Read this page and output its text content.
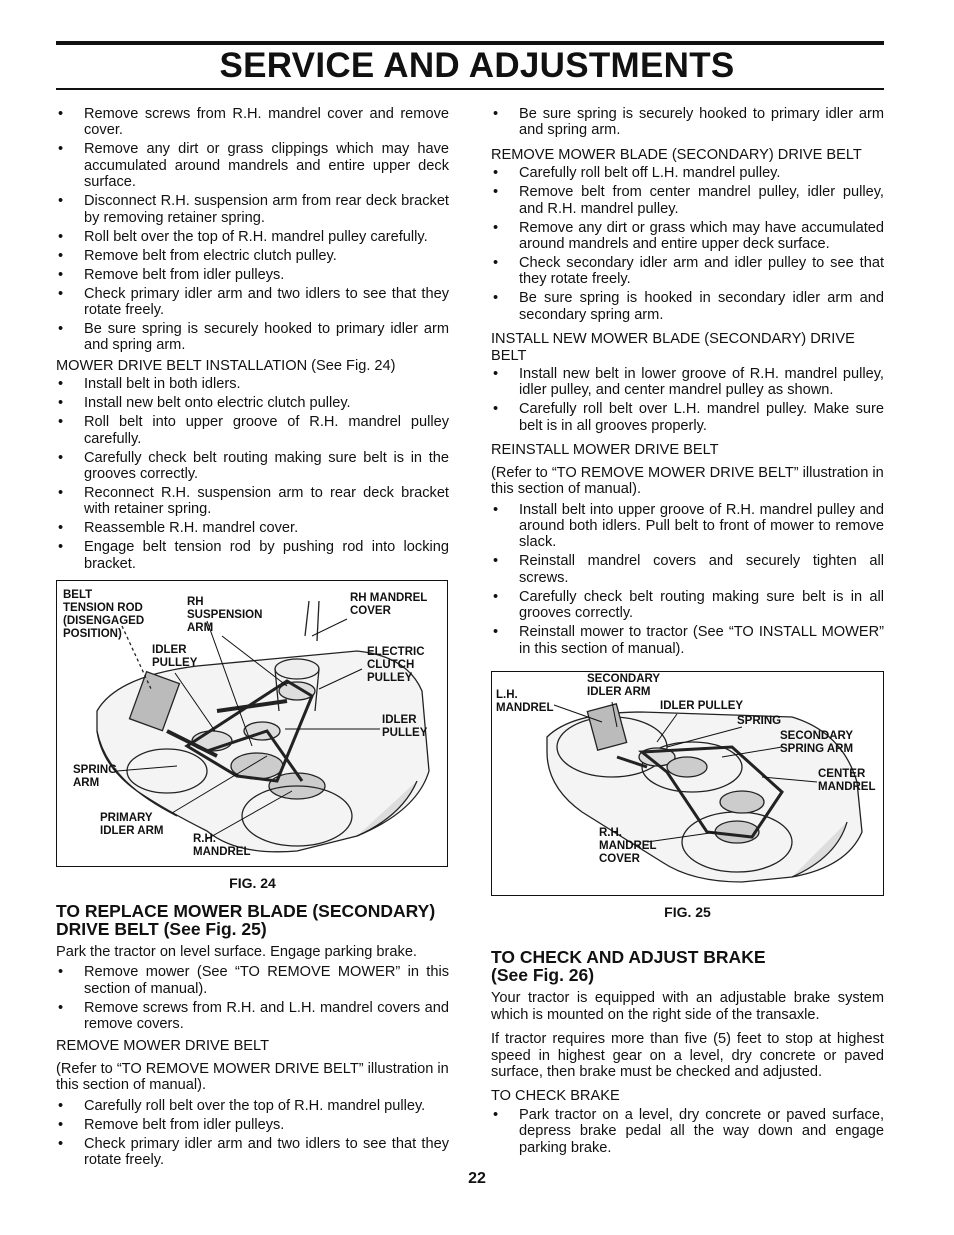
SERVICE AND ADJUSTMENTS
• Remove screws from R.H. mandrel cover and remove cover.
• Remove any dirt or grass clippings which may have accumulated around mandrels and entire upper deck surface.
• Disconnect R.H. suspension arm from rear deck bracket by removing retainer spring.
• Roll belt over the top of R.H. mandrel pulley carefully.
• Remove belt from electric clutch pulley.
• Remove belt from idler pulleys.
• Check primary idler arm and two idlers to see that they rotate freely.
• Be sure spring is securely hooked to primary idler arm and spring arm.
MOWER DRIVE BELT INSTALLATION (See Fig. 24)
• Install belt in both idlers.
• Install new belt onto electric clutch pulley.
• Roll belt into upper groove of R.H. mandrel pulley carefully.
• Carefully check belt routing making sure belt is in the grooves correctly.
• Reconnect R.H. suspension arm to rear deck bracket with retainer spring.
• Reassemble R.H. mandrel cover.
• Engage belt tension rod by pushing rod into locking bracket.
BELT
TENSION ROD
(DISENGAGED
POSITION)
RH
SUSPENSION
ARM
RH MANDREL
COVER
IDLER
PULLEY
ELECTRIC
CLUTCH
PULLEY
IDLER
PULLEY
SPRING
ARM
PRIMARY
IDLER ARM
R.H.
MANDREL
FIG. 24
TO REPLACE MOWER BLADE (SECONDARY) DRIVE BELT (See Fig. 25)

Park the tractor on level surface. Engage parking brake.

• Remove mower (See “TO REMOVE MOWER” in this section of manual).
• Remove screws from R.H. and L.H. mandrel covers and remove covers.
REMOVE MOWER DRIVE BELT

(Refer to “TO REMOVE MOWER DRIVE BELT” illustration in this section of manual).

• Carefully roll belt over the top of R.H. mandrel pulley.
• Remove belt from idler pulleys.
• Check primary idler arm and two idlers to see that they rotate freely.
• Be sure spring is securely hooked to primary idler arm and spring arm.
REMOVE MOWER BLADE (SECONDARY) DRIVE BELT
• Carefully roll belt off L.H. mandrel pulley.
• Remove belt from center mandrel pulley, idler pulley, and R.H. mandrel pulley.
• Remove any dirt or grass which may have accumulated around mandrels and entire upper deck surface.
• Check secondary idler arm and idler pulley to see that they rotate freely.
• Be sure spring is hooked in secondary idler arm and secondary spring arm.
INSTALL NEW MOWER BLADE (SECONDARY) DRIVE BELT
• Install new belt in lower groove of R.H. mandrel pulley, idler pulley, and center mandrel pulley as shown.
• Carefully roll belt over L.H. mandrel pulley. Make sure belt is in all grooves properly.
REINSTALL MOWER DRIVE BELT

(Refer to “TO REMOVE MOWER DRIVE BELT” illustration in this section of manual).

• Install belt into upper groove of R.H. mandrel pulley and around both idlers. Pull belt to front of mower to remove slack.
• Reinstall mandrel covers and securely tighten all screws.
• Carefully check belt routing making sure belt is in all grooves correctly.
• Reinstall mower to tractor (See “TO INSTALL MOWER” in this section of manual).
L.H.
MANDREL
SECONDARY
IDLER ARM
IDLER PULLEY
SPRING
SECONDARY
SPRING ARM
CENTER
MANDREL
R.H.
MANDREL
COVER
FIG. 25
TO CHECK AND ADJUST BRAKE
(See Fig. 26)

Your tractor is equipped with an adjustable brake system which is mounted on the right side of the transaxle.

If tractor requires more than five (5) feet to stop at highest speed in highest gear on a level, dry concrete or paved surface, then brake must be checked and adjusted.

TO CHECK BRAKE
• Park tractor on a level, dry concrete or paved surface, depress brake pedal all the way down and engage parking brake.
22
